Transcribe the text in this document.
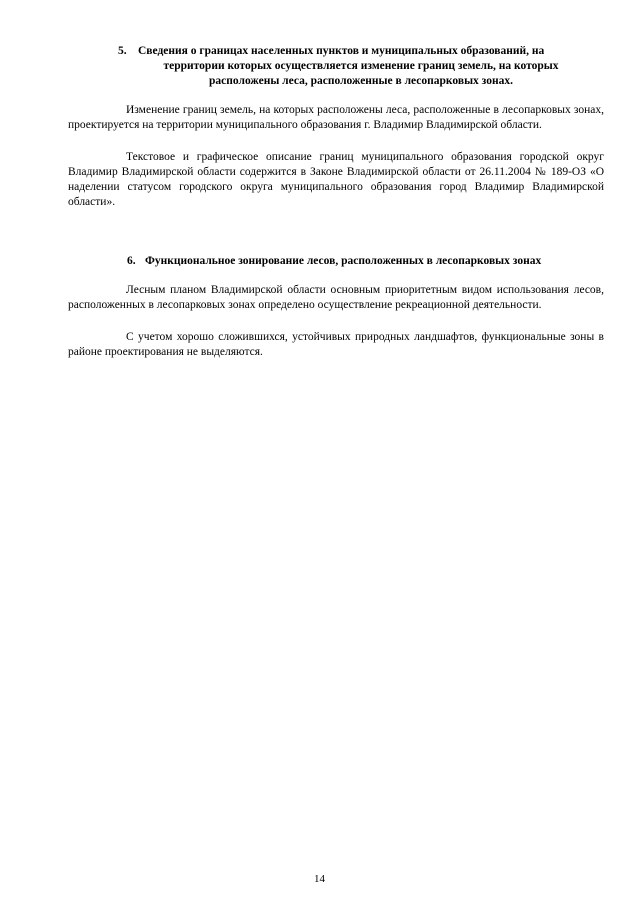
5. Сведения о границах населенных пунктов и муниципальных образований, на
территории которых осуществляется изменение границ земель, на которых
расположены леса, расположенные в лесопарковых зонах.

Изменение границ земель, на которых расположены леса, расположенные в лесопарковых зонах, проектируется на территории муниципального образования г. Владимир Владимирской области.

Текстовое и графическое описание границ муниципального образования городской округ Владимир Владимирской области содержится в Законе Владимирской области от 26.11.2004 № 189-ОЗ «О наделении статусом городского округа муниципального образования город Владимир Владимирской области».

6. Функциональное зонирование лесов, расположенных в лесопарковых зонах

Лесным планом Владимирской области основным приоритетным видом использования лесов, расположенных в лесопарковых зонах определено осуществление рекреационной деятельности.

С учетом хорошо сложившихся, устойчивых природных ландшафтов, функциональные зоны в районе проектирования не выделяются.

14
